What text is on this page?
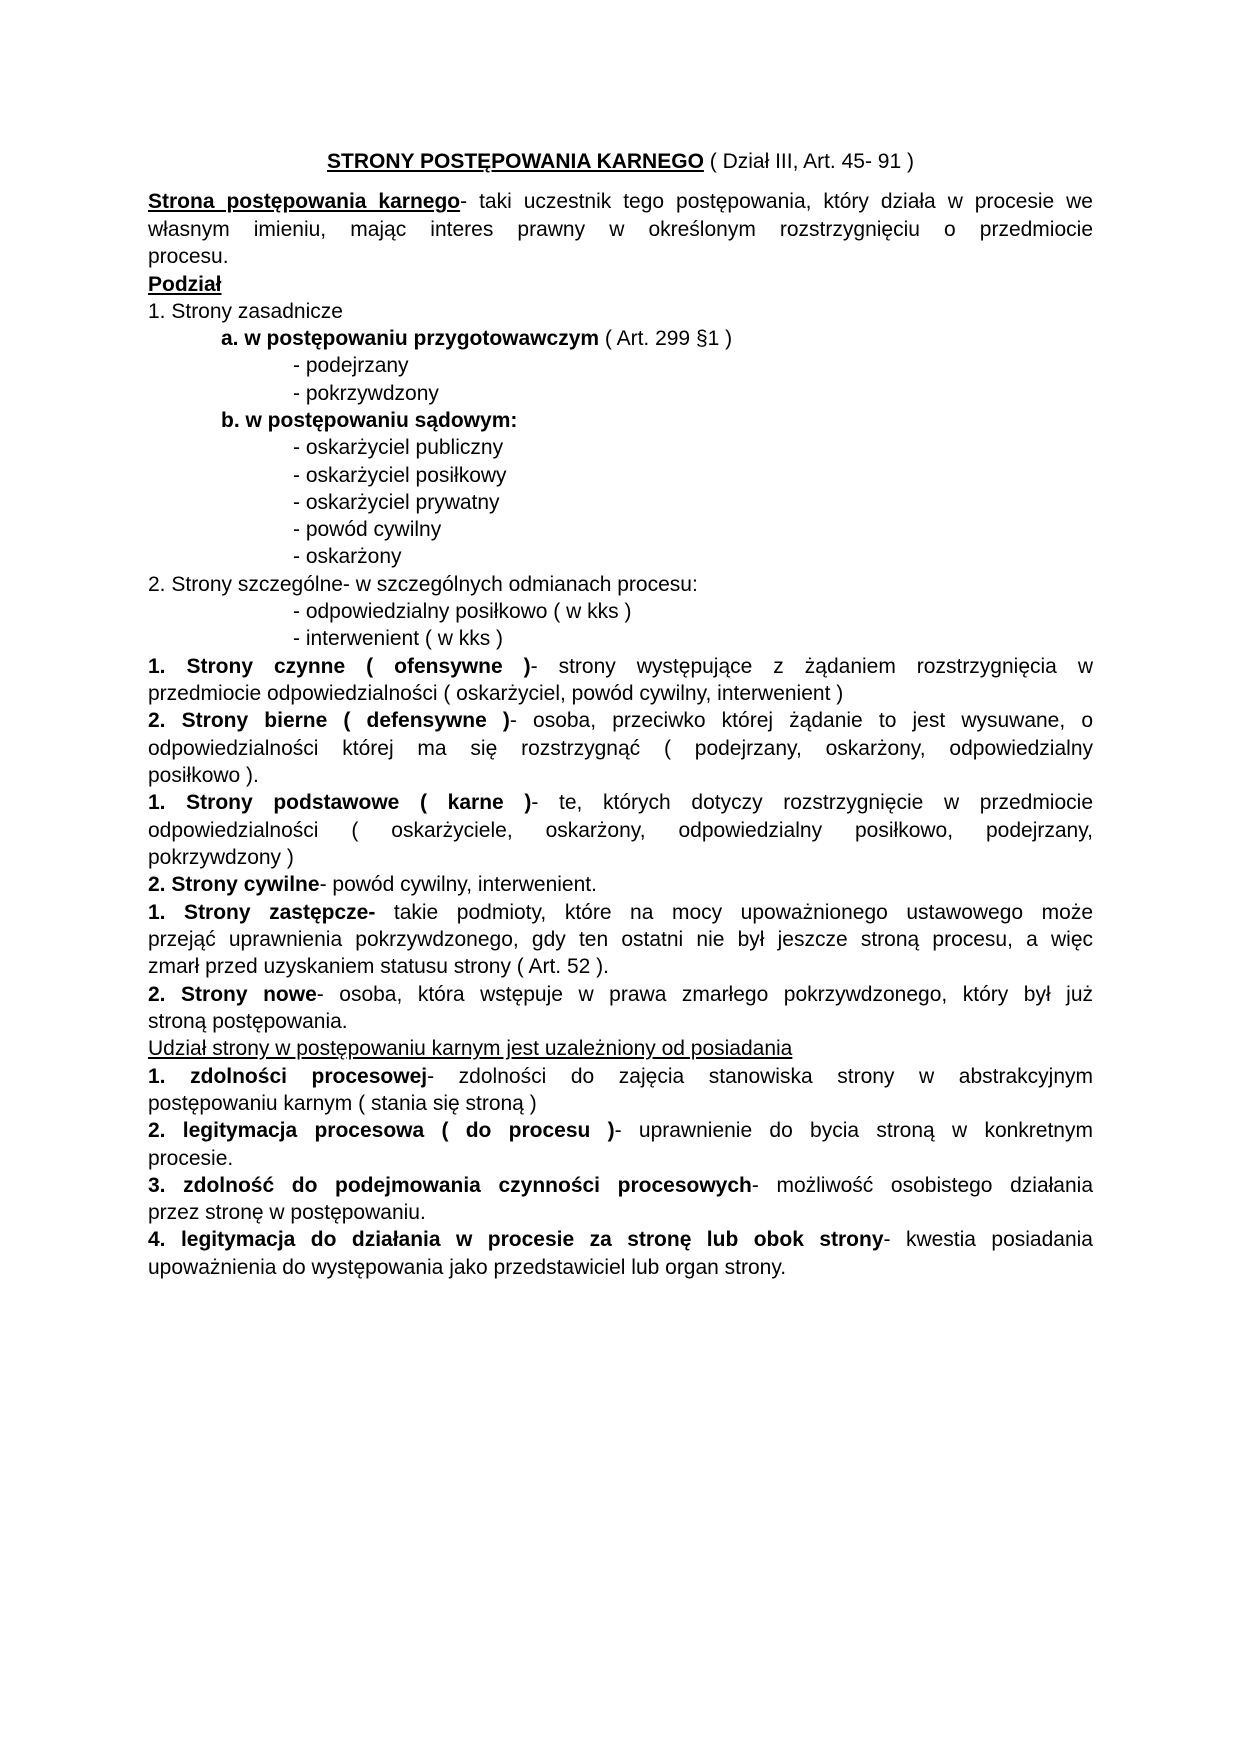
STRONY POSTĘPOWANIA KARNEGO ( Dział III, Art. 45- 91 )
Strona postępowania karnego- taki uczestnik tego postępowania, który działa w procesie we
własnym imieniu, mając interes prawny w określonym rozstrzygnięciu o przedmiocie
procesu.
Podział
1. Strony zasadnicze
a. w postępowaniu przygotowawczym ( Art. 299 §1 )
- podejrzany
- pokrzywdzony
b. w postępowaniu sądowym:
- oskarżyciel publiczny
- oskarżyciel posiłkowy
- oskarżyciel prywatny
- powód cywilny
- oskarżony
2. Strony szczególne- w szczególnych odmianach procesu:
- odpowiedzialny posiłkowo ( w kks )
- interwenient ( w kks )
1. Strony czynne ( ofensywne )- strony występujące z żądaniem rozstrzygnięcia w
przedmiocie odpowiedzialności ( oskarżyciel, powód cywilny, interwenient )
2. Strony bierne ( defensywne )- osoba, przeciwko której żądanie to jest wysuwane, o
odpowiedzialności której ma się rozstrzygnąć ( podejrzany, oskarżony, odpowiedzialny
posiłkowo ).
1. Strony podstawowe ( karne )- te, których dotyczy rozstrzygnięcie w przedmiocie
odpowiedzialności ( oskarżyciele, oskarżony, odpowiedzialny posiłkowo, podejrzany,
pokrzywdzony )
2. Strony cywilne- powód cywilny, interwenient.
1. Strony zastępcze- takie podmioty, które na mocy upoważnionego ustawowego może
przejąć uprawnienia pokrzywdzonego, gdy ten ostatni nie był jeszcze stroną procesu, a więc
zmarł przed uzyskaniem statusu strony ( Art. 52 ).
2. Strony nowe- osoba, która wstępuje w prawa zmarłego pokrzywdzonego, który był już
stroną postępowania.
Udział strony w postępowaniu karnym jest uzależniony od posiadania
1. zdolności procesowej- zdolności do zajęcia stanowiska strony w abstrakcyjnym
postępowaniu karnym ( stania się stroną )
2. legitymacja procesowa ( do procesu )- uprawnienie do bycia stroną w konkretnym
procesie.
3. zdolność do podejmowania czynności procesowych- możliwość osobistego działania
przez stronę w postępowaniu.
4. legitymacja do działania w procesie za stronę lub obok strony- kwestia posiadania
upoważnienia do występowania jako przedstawiciel lub organ strony.
